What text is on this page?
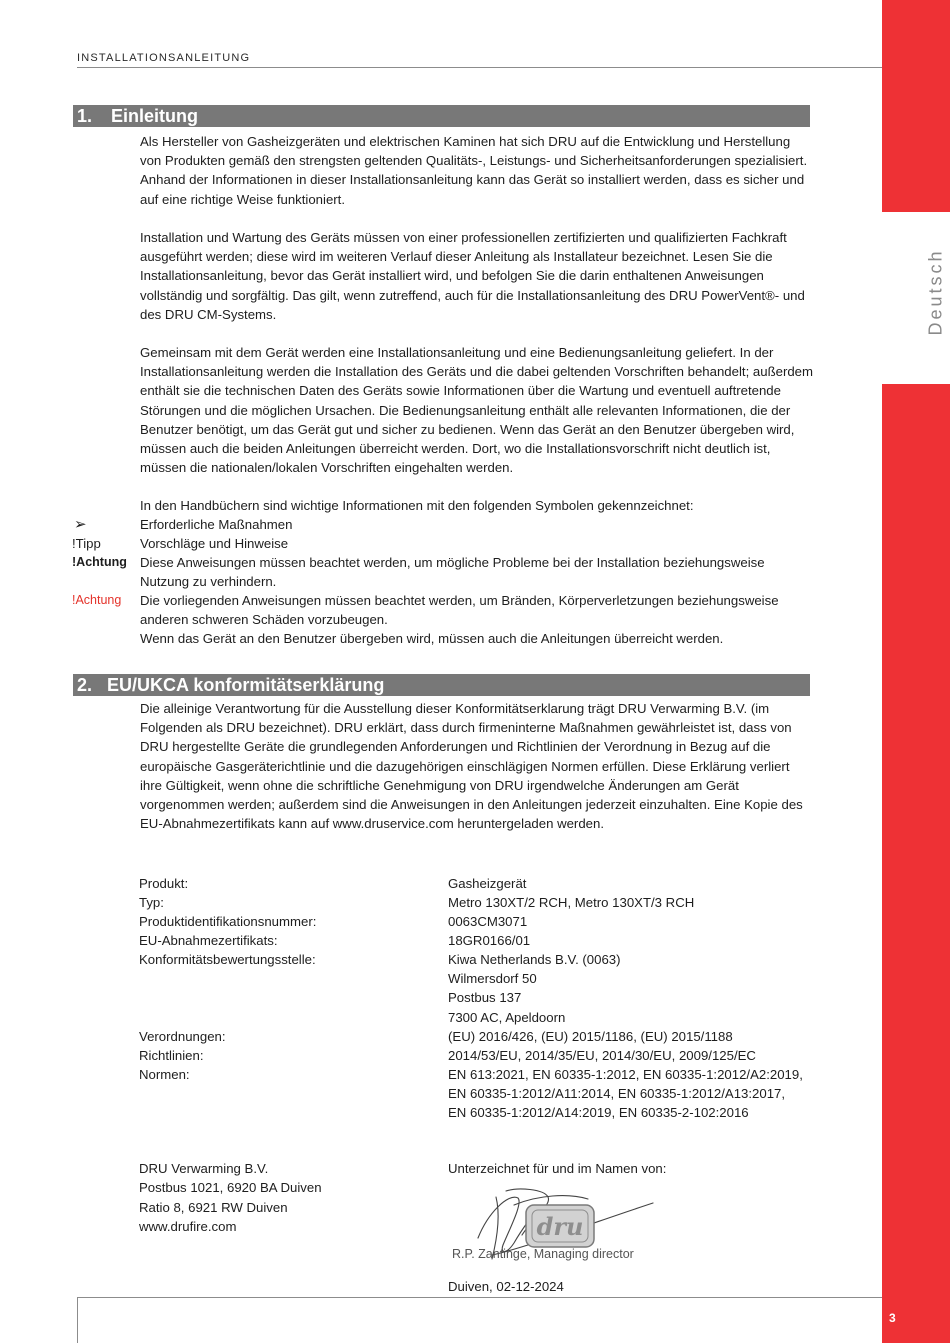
Deutsch
3
INSTALLATIONSANLEITUNG
1. Einleitung
Als Hersteller von Gasheizgeräten und elektrischen Kaminen hat sich DRU auf die Entwicklung und Herstellung von Produkten gemäß den strengsten geltenden Qualitäts-, Leistungs- und Sicherheitsanforderungen spezialisiert. Anhand der Informationen in dieser Installationsanleitung kann das Gerät so installiert werden, dass es sicher und auf eine richtige Weise funktioniert.
Installation und Wartung des Geräts müssen von einer professionellen zertifizierten und qualifizierten Fachkraft ausgeführt werden; diese wird im weiteren Verlauf dieser Anleitung als Installateur bezeichnet. Lesen Sie die Installationsanleitung, bevor das Gerät installiert wird, und befolgen Sie die darin enthaltenen Anweisungen vollständig und sorgfältig. Das gilt, wenn zutreffend, auch für die Installationsanleitung des DRU PowerVent®- und des DRU CM-Systems.
Gemeinsam mit dem Gerät werden eine Installationsanleitung und eine Bedienungsanleitung geliefert. In der Installationsanleitung werden die Installation des Geräts und die dabei geltenden Vorschriften behandelt; außerdem enthält sie die technischen Daten des Geräts sowie Informationen über die Wartung und eventuell auftretende Störungen und die möglichen Ursachen. Die Bedienungsanleitung enthält alle relevanten Informationen, die der Benutzer benötigt, um das Gerät gut und sicher zu bedienen. Wenn das Gerät an den Benutzer übergeben wird, müssen auch die beiden Anleitungen überreicht werden. Dort, wo die Installationsvorschrift nicht deutlich ist, müssen die nationalen/lokalen Vorschriften eingehalten werden.
In den Handbüchern sind wichtige Informationen mit den folgenden Symbolen gekennzeichnet:
➢	Erforderliche Maßnahmen
!Tipp	Vorschläge und Hinweise
!Achtung Diese Anweisungen müssen beachtet werden, um mögliche Probleme bei der Installation beziehungsweise Nutzung zu verhindern.
!Achtung	Die vorliegenden Anweisungen müssen beachtet werden, um Bränden, Körperverletzungen beziehungsweise anderen schweren Schäden vorzubeugen.
Wenn das Gerät an den Benutzer übergeben wird, müssen auch die Anleitungen überreicht werden.
2. EU/UKCA konformitätserklärung
Die alleinige Verantwortung für die Ausstellung dieser Konformitätserklarung trägt DRU Verwarming B.V. (im Folgenden als DRU bezeichnet). DRU erklärt, dass durch firmeninterne Maßnahmen gewährleistet ist, dass von DRU hergestellte Geräte die grundlegenden Anforderungen und Richtlinien der Verordnung in Bezug auf die europäische Gasgeräterichtlinie und die dazugehörigen einschlägigen Normen erfüllen. Diese Erklärung verliert ihre Gültigkeit, wenn ohne die schriftliche Genehmigung von DRU irgendwelche Änderungen am Gerät vorgenommen werden; außerdem sind die Anweisungen in den Anleitungen jederzeit einzuhalten. Eine Kopie des EU-Abnahmezertifikats kann auf www.druservice.com heruntergeladen werden.
Produkt:	Gasheizgerät
Typ:	Metro 130XT/2 RCH, Metro 130XT/3 RCH
Produktidentifikationsnummer:	0063CM3071
EU-Abnahmezertifikats:	18GR0166/01
Konformitätsbewertungsstelle:	Kiwa Netherlands B.V. (0063)
Wilmersdorf 50
Postbus 137
7300 AC, Apeldoorn
Verordnungen:	(EU) 2016/426, (EU) 2015/1186, (EU) 2015/1188
Richtlinien:	2014/53/EU, 2014/35/EU, 2014/30/EU, 2009/125/EC
Normen:	EN 613:2021, EN 60335-1:2012, EN 60335-1:2012/A2:2019,
EN 60335-1:2012/A11:2014, EN 60335-1:2012/A13:2017,
EN 60335-1:2012/A14:2019, EN 60335-2-102:2016
DRU Verwarming B.V.
Postbus 1021, 6920 BA Duiven
Ratio 8, 6921 RW Duiven
www.drufire.com
Unterzeichnet für und im Namen von:
dru
R.P. Zantinge, Managing director
Duiven, 02-12-2024
